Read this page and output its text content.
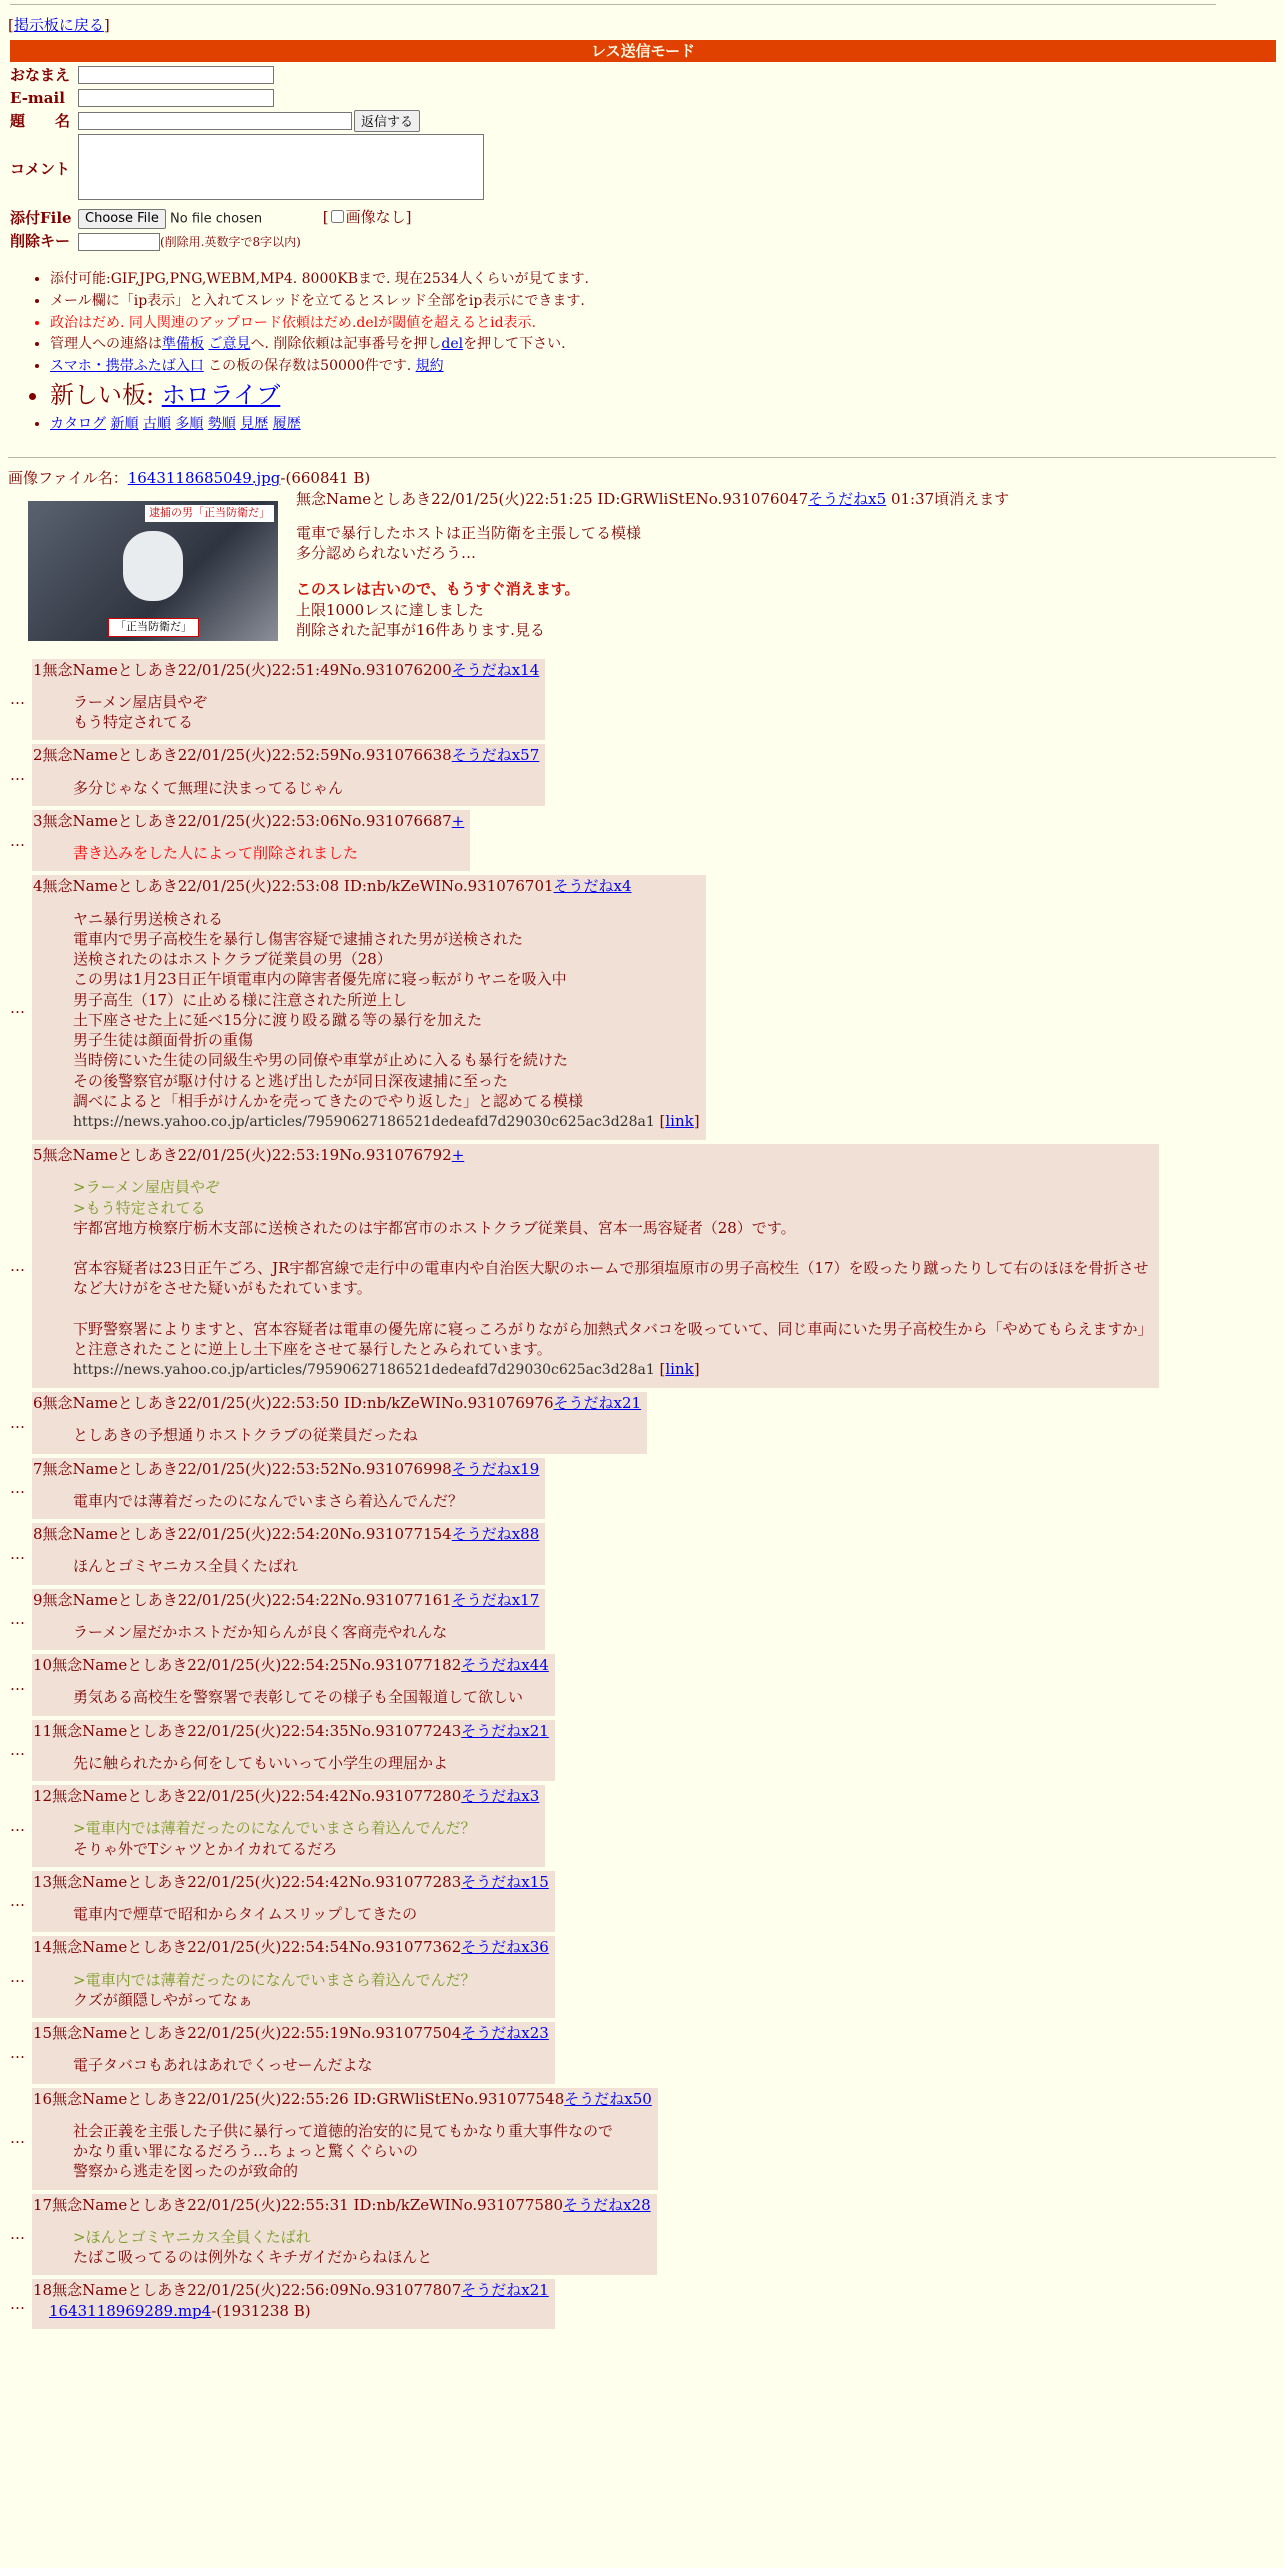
[掲示板に戻る]
レス送信モード
おなまえ	

E-mail	

題　　名		返信する

コメント	
添付File	Choose File No file chosen [ 画像なし]
削除キー	(削除用.英数字で8字以内)
• 添付可能:GIF,JPG,PNG,WEBM,MP4. 8000KBまで. 現在2534人くらいが見てます.
• メール欄に「ip表示」と入れてスレッドを立てるとスレッド全部をip表示にできます.
• 政治はだめ. 同人関連のアップロード依頼はだめ.delが閾値を超えるとid表示.
• 管理人への連絡は準備板 ご意見へ. 削除依頼は記事番号を押しdelを押して下さい.
• スマホ・携帯ふたば入口 この板の保存数は50000件です. 規約
• 新しい板: ホロライブ
• カタログ 新順 古順 多順 勢順 見歴 履歴
画像ファイル名：1643118685049.jpg-(660841 B)
逮捕の男「正当防衛だ」
「正当防衛だ」
無念Nameとしあき22/01/25(火)22:51:25 ID:GRWliStENo.931076047そうだねx5 01:37頃消えます
電車で暴行したホストは正当防衛を主張してる模様
多分認められないだろう…
このスレは古いので、もうすぐ消えます。
上限1000レスに達しました
削除された記事が16件あります.見る
…
1無念Nameとしあき22/01/25(火)22:51:49No.931076200そうだねx14
ラーメン屋店員やぞ
もう特定されてる
…
2無念Nameとしあき22/01/25(火)22:52:59No.931076638そうだねx57
多分じゃなくて無理に決まってるじゃん
…
3無念Nameとしあき22/01/25(火)22:53:06No.931076687+
書き込みをした人によって削除されました
…
4無念Nameとしあき22/01/25(火)22:53:08 ID:nb/kZeWINo.931076701そうだねx4
ヤニ暴行男送検される
電車内で男子高校生を暴行し傷害容疑で逮捕された男が送検された
送検されたのはホストクラブ従業員の男（28）
この男は1月23日正午頃電車内の障害者優先席に寝っ転がりヤニを吸入中
男子高生（17）に止める様に注意された所逆上し
土下座させた上に延べ15分に渡り殴る蹴る等の暴行を加えた
男子生徒は顔面骨折の重傷
当時傍にいた生徒の同級生や男の同僚や車掌が止めに入るも暴行を続けた
その後警察官が駆け付けると逃げ出したが同日深夜逮捕に至った
調べによると「相手がけんかを売ってきたのでやり返した」と認めてる模様
https://news.yahoo.co.jp/articles/79590627186521dedeafd7d29030c625ac3d28a1 [link]
…
5無念Nameとしあき22/01/25(火)22:53:19No.931076792+
>ラーメン屋店員やぞ
>もう特定されてる
宇都宮地方検察庁栃木支部に送検されたのは宇都宮市のホストクラブ従業員、宮本一馬容疑者（28）です。
宮本容疑者は23日正午ごろ、JR宇都宮線で走行中の電車内や自治医大駅のホームで那須塩原市の男子高校生（17）を殴ったり蹴ったりして右のほほを骨折させ
など大けがをさせた疑いがもたれています。
下野警察署によりますと、宮本容疑者は電車の優先席に寝っころがりながら加熱式タバコを吸っていて、同じ車両にいた男子高校生から「やめてもらえますか」
と注意されたことに逆上し土下座をさせて暴行したとみられています。
https://news.yahoo.co.jp/articles/79590627186521dedeafd7d29030c625ac3d28a1 [link]
…
6無念Nameとしあき22/01/25(火)22:53:50 ID:nb/kZeWINo.931076976そうだねx21
としあきの予想通りホストクラブの従業員だったね
…
7無念Nameとしあき22/01/25(火)22:53:52No.931076998そうだねx19
電車内では薄着だったのになんでいまさら着込んでんだ？
…
8無念Nameとしあき22/01/25(火)22:54:20No.931077154そうだねx88
ほんとゴミヤニカス全員くたばれ
…
9無念Nameとしあき22/01/25(火)22:54:22No.931077161そうだねx17
ラーメン屋だかホストだか知らんが良く客商売やれんな
…
10無念Nameとしあき22/01/25(火)22:54:25No.931077182そうだねx44
勇気ある高校生を警察署で表彰してその様子も全国報道して欲しい
…
11無念Nameとしあき22/01/25(火)22:54:35No.931077243そうだねx21
先に触られたから何をしてもいいって小学生の理屈かよ
…
12無念Nameとしあき22/01/25(火)22:54:42No.931077280そうだねx3
>電車内では薄着だったのになんでいまさら着込んでんだ？
そりゃ外でTシャツとかイカれてるだろ
…
13無念Nameとしあき22/01/25(火)22:54:42No.931077283そうだねx15
電車内で煙草で昭和からタイムスリップしてきたの
…
14無念Nameとしあき22/01/25(火)22:54:54No.931077362そうだねx36
>電車内では薄着だったのになんでいまさら着込んでんだ？
クズが顔隠しやがってなぁ
…
15無念Nameとしあき22/01/25(火)22:55:19No.931077504そうだねx23
電子タバコもあれはあれでくっせーんだよな
…
16無念Nameとしあき22/01/25(火)22:55:26 ID:GRWliStENo.931077548そうだねx50
社会正義を主張した子供に暴行って道徳的治安的に見てもかなり重大事件なので
かなり重い罪になるだろう…ちょっと驚くぐらいの
警察から逃走を図ったのが致命的
…
17無念Nameとしあき22/01/25(火)22:55:31 ID:nb/kZeWINo.931077580そうだねx28
>ほんとゴミヤニカス全員くたばれ
たばこ吸ってるのは例外なくキチガイだからねほんと
…
18無念Nameとしあき22/01/25(火)22:56:09No.931077807そうだねx21
1643118969289.mp4-(1931238 B)
